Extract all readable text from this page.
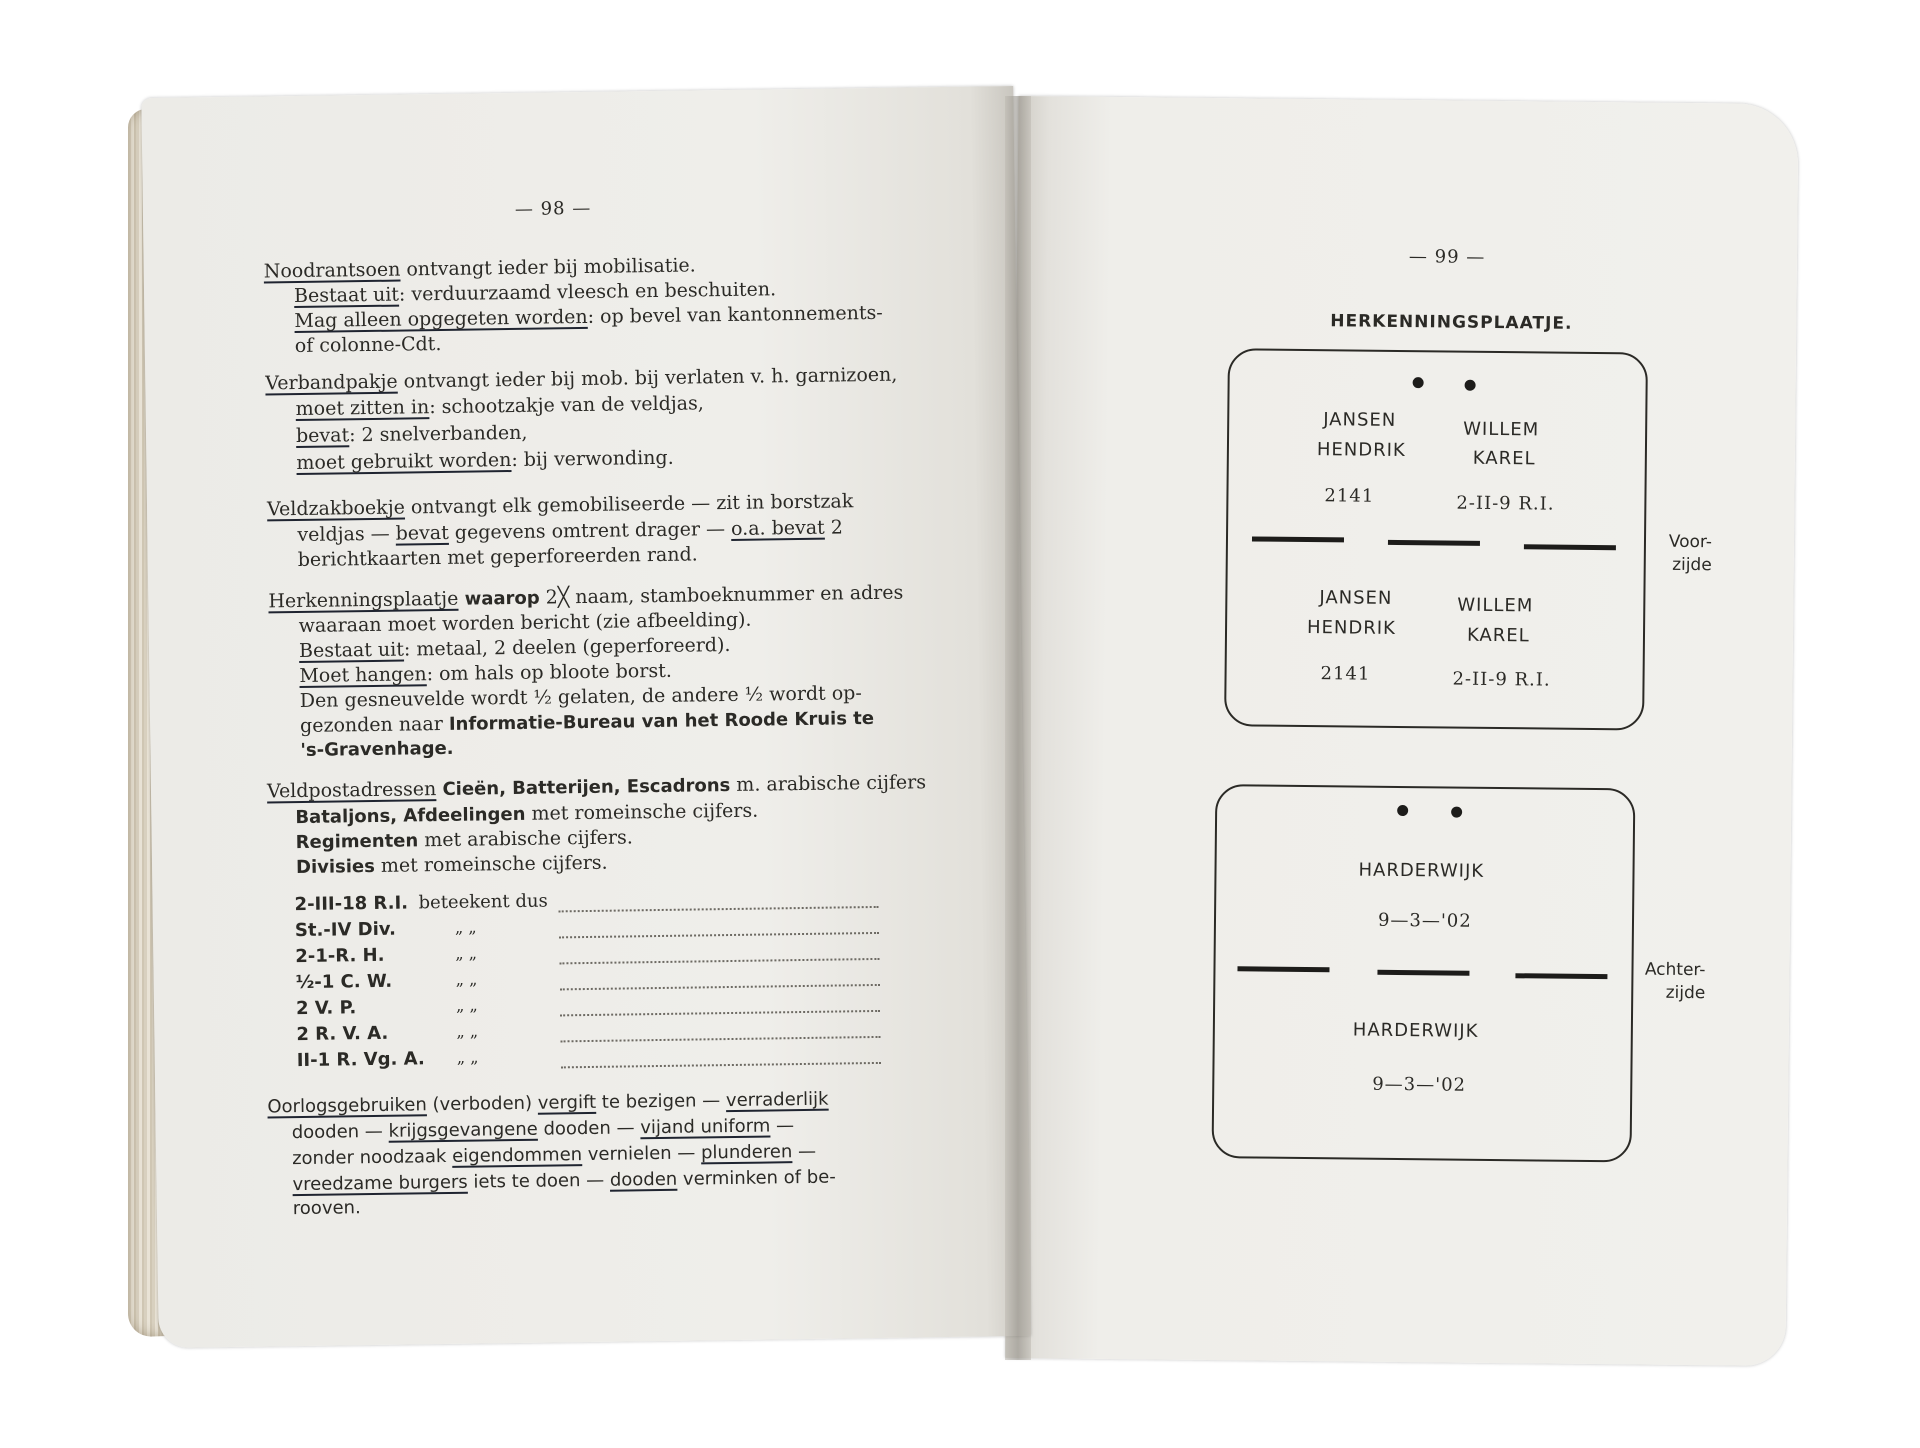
— 98 —
Noodrantsoen ontvangt ieder bij mobilisatie.
Bestaat uit: verduurzaamd vleesch en beschuiten.
Mag alleen opgegeten worden: op bevel van kantonnements-
of colonne-Cdt.
Verbandpakje ontvangt ieder bij mob. bij verlaten v. h. garnizoen,
moet zitten in: schootzakje van de veldjas,
bevat: 2 snelverbanden,
moet gebruikt worden: bij verwonding.
Veldzakboekje ontvangt elk gemobiliseerde — zit in borstzak
veldjas — bevat gegevens omtrent drager — o.a. bevat 2
berichtkaarten met geperforeerden rand.
Herkenningsplaatje waarop 2╳ naam, stamboeknummer en adres
waaraan moet worden bericht (zie afbeelding).
Bestaat uit: metaal, 2 deelen (geperforeerd).
Moet hangen: om hals op bloote borst.
Den gesneuvelde wordt ½ gelaten, de andere ½ wordt op-
gezonden naar Informatie-Bureau van het Roode Kruis te
's-Gravenhage.
Veldpostadressen Cieën, Batterijen, Escadrons m. arabische cijfers
Bataljons, Afdeelingen met romeinsche cijfers.
Regimenten met arabische cijfers.
Divisies met romeinsche cijfers.
2-III-18 R.I. beteekent dus
St.-IV Div.	„ „
2-1-R. H.	„ „
½-1 C. W.	„ „
2 V. P.	„ „
2 R. V. A.	„ „
II-1 R. Vg. A. „ „
Oorlogsgebruiken (verboden) vergift te bezigen — verraderlijk
dooden — krijgsgevangene dooden — vijand uniform —
zonder noodzaak eigendommen vernielen — plunderen —
vreedzame burgers iets te doen — dooden verminken of be-
rooven.
— 99 —
HERKENNINGSPLAATJE.
JANSEN
HENDRIK
WILLEM
KAREL
2141	2-II-9 R.I.
JANSEN
HENDRIK
WILLEM
KAREL
2141	2-II-9 R.I.
Voor-
zijde
HARDERWIJK
9—3—'02
HARDERWIJK
9—3—'02
Achter-
zijde
